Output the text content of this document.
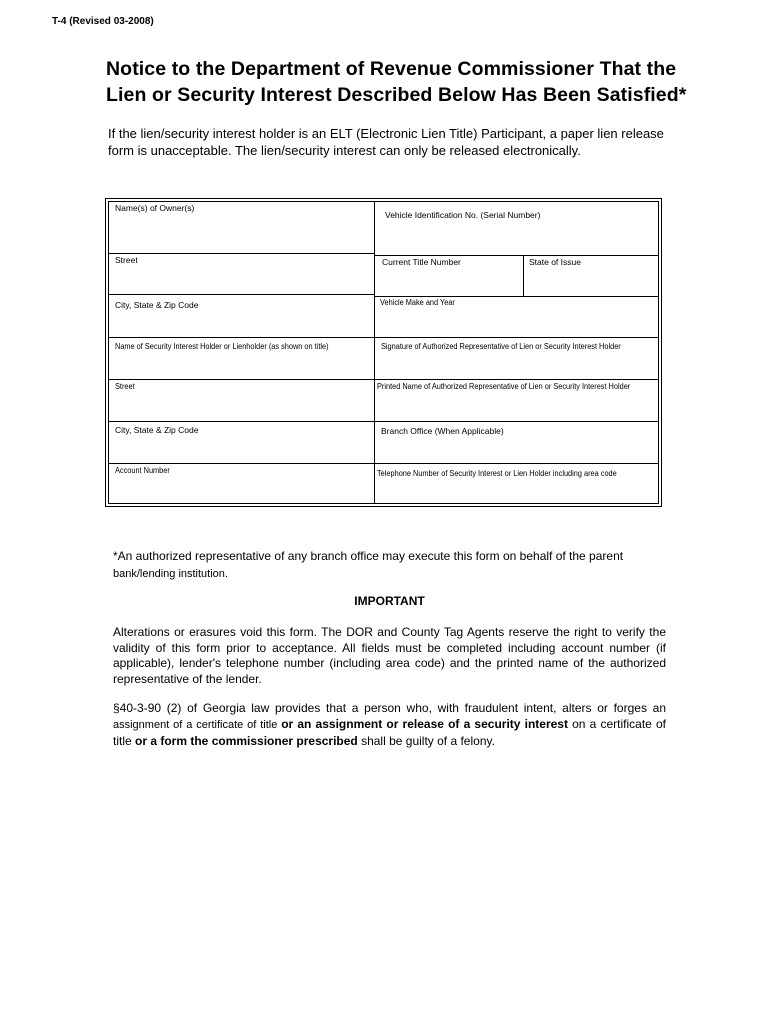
T-4 (Revised 03-2008)
Notice to the Department of Revenue Commissioner That the
Lien or Security Interest Described Below Has Been Satisfied*

If the lien/security interest holder is an ELT (Electronic Lien Title) Participant, a paper lien release
form is unacceptable. The lien/security interest can only be released electronically.

Name(s) of Owner(s)
Street
City, State & Zip Code
Name of Security Interest Holder or Lienholder (as shown on title)
Street
City, State & Zip Code
Account Number
Vehicle Identification No. (Serial Number)
Current Title Number	State of Issue
Vehicle Make and Year
Signature of Authorized Representative of Lien or Security Interest Holder
Printed Name of Authorized Representative of Lien or Security Interest Holder
Branch Office (When Applicable)
Telephone Number of Security Interest or Lien Holder including area code

*An authorized representative of any branch office may execute this form on behalf of the parent
bank/lending institution.

IMPORTANT

Alterations or erasures void this form. The DOR and County Tag Agents reserve the right to verify the validity of this form prior to acceptance. All fields must be completed including account number (if applicable), lender's telephone number (including area code) and the printed name of the authorized representative of the lender.

§40-3-90 (2) of Georgia law provides that a person who, with fraudulent intent, alters or forges an assignment of a certificate of title or an assignment or release of a security interest on a certificate of title or a form the commissioner prescribed shall be guilty of a felony.
